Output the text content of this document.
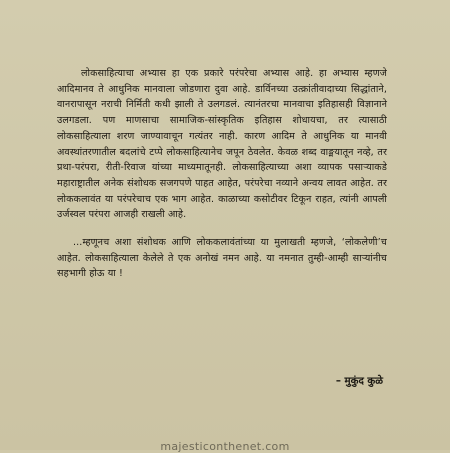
लोकसाहित्याचा अभ्यास हा एक प्रकारे परंपरेचा अभ्यास आहे. हा अभ्यास म्हणजे आदिमानव ते आधुनिक मानवाला जोडणारा दुवा आहे. डार्विनच्या उत्क्रांतीवादाच्या सिद्धांताने, वानरापासून नराची निर्मिती कधी झाली ते उलगडलं. त्यानंतरचा मानवाचा इतिहासही विज्ञानाने उलगडला. पण माणसाचा सामाजिक-सांस्कृतिक इतिहास शोधायचा, तर त्यासाठी लोकसाहित्याला शरण जाण्यावाचून गत्यंतर नाही. कारण आदिम ते आधुनिक या मानवी अवस्थांतरणातील बदलांचे टप्पे लोकसाहित्यानेच जपून ठेवलेत. केवळ शब्द वाङ्मयातून नव्हे, तर प्रथा-परंपरा, रीती-रिवाज यांच्या माध्यमातूनही. लोकसाहित्याच्या अशा व्यापक पसाऱ्याकडे महाराष्ट्रातील अनेक संशोधक सजगपणे पाहत आहेत, परंपरेचा नव्याने अन्वय लावत आहेत. तर लोककलावंत या परंपरेचाच एक भाग आहेत. काळाच्या कसोटीवर टिकून राहत, त्यांनी आपली उर्जस्वल परंपरा आजही राखली आहे.

...म्हणूनच अशा संशोधक आणि लोककलावंतांच्या या मुलाखती म्हणजे, ‘लोकलेणी’च आहेत. लोकसाहित्याला केलेले ते एक अनोखं नमन आहे. या नमनात तुम्ही-आम्ही साऱ्यांनीच सहभागी होऊ या !

– मुकुंद कुळे
majesticonthenet.com
